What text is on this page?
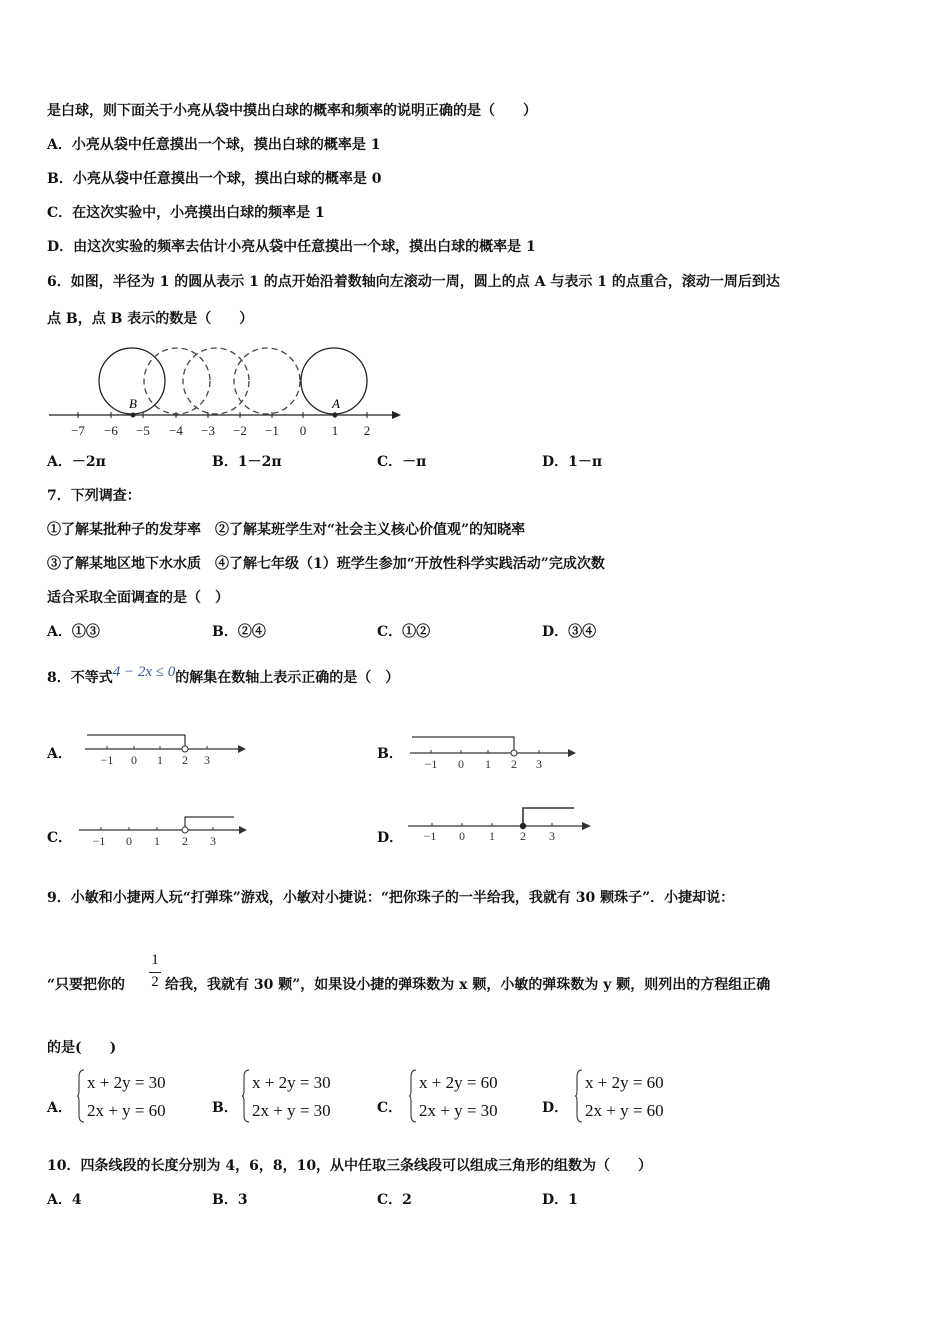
是白球，则下面关于小亮从袋中摸出白球的概率和频率的说明正确的是（　　）
A．小亮从袋中任意摸出一个球，摸出白球的概率是 1
B．小亮从袋中任意摸出一个球，摸出白球的概率是 0
C．在这次实验中，小亮摸出白球的频率是 1
D．由这次实验的频率去估计小亮从袋中任意摸出一个球，摸出白球的概率是 1
6．如图，半径为 1 的圆从表示 1 的点开始沿着数轴向左滚动一周，圆上的点 A 与表示 1 的点重合，滚动一周后到达
点 B，点 B 表示的数是（　　）
B	A
−7 −6 −5 −4 −3 −2 −1 0 1 2
A．－2π	B．1－2π	C．－π	D．1－π
7．下列调查：
①了解某批种子的发芽率　②了解某班学生对“社会主义核心价值观”的知晓率
③了解某地区地下水水质　④了解七年级（1）班学生参加“开放性科学实践活动”完成次数
适合采取全面调查的是（　）
A．①③	B．②④	C．①②	D．③④
8．不等式4 − 2x ≤ 0的解集在数轴上表示正确的是（　）
A． −1 0 1 2 3	B．
−1 0 1 2 3
C． −1 0 1 2 3	D． −1 0 1 2 3
9．小敏和小捷两人玩“打弹珠”游戏，小敏对小捷说：“把你珠子的一半给我，我就有 30 颗珠子”．小捷却说：
1
2
“只要把你的	给我，我就有 30 颗”，如果设小捷的弹珠数为 x 颗，小敏的弹珠数为 y 颗，则列出的方程组正确
的是(　　)
A．
x + 2y = 30
2x + y = 60	B．
x + 2y = 30
2x + y = 30	C．
x + 2y = 60
2x + y = 30	D．
x + 2y = 60
2x + y = 60
10．四条线段的长度分别为 4，6，8，10，从中任取三条线段可以组成三角形的组数为（　　）
A．4	B．3	C．2	D．1
